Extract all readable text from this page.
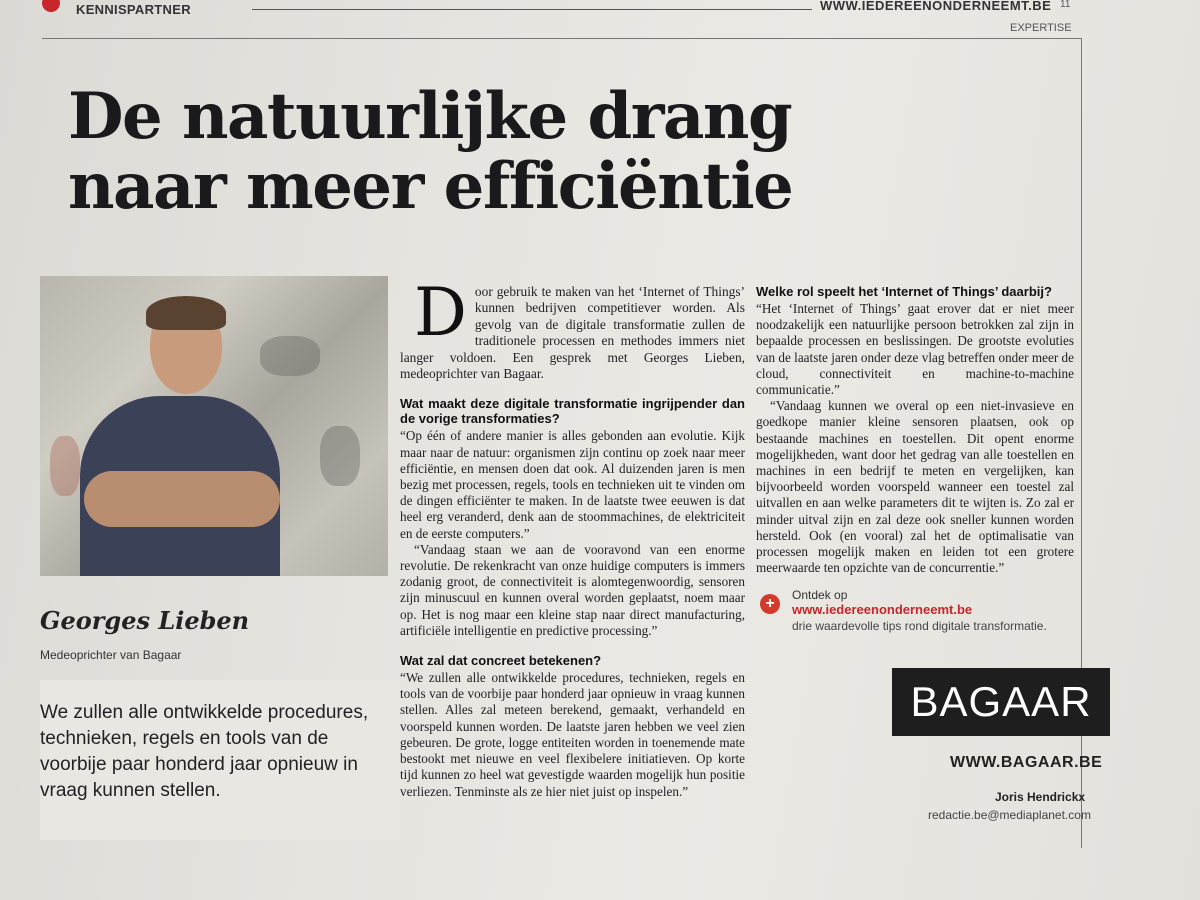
KENNISPARTNER	WWW.IEDEREENONDERNEEMT.BE 11
EXPERTISE
De natuurlijke drang
naar meer efficiëntie
Georges Lieben
Medeoprichter van Bagaar
We zullen alle ontwikkelde procedures, technieken, regels en tools van de voorbije paar honderd jaar opnieuw in vraag kunnen stellen.
D oor gebruik te maken van het ‘Internet of Things’ kunnen bedrijven competitiever worden. Als gevolg van de digitale transformatie zullen de traditionele processen en methodes immers niet langer voldoen. Een gesprek met Georges Lieben, medeoprichter van Bagaar.

Wat maakt deze digitale transformatie ingrijpender dan de vorige transformaties?

“Op één of andere manier is alles gebonden aan evolutie. Kijk maar naar de natuur: organismen zijn continu op zoek naar meer efficiëntie, en mensen doen dat ook. Al duizenden jaren is men bezig met processen, regels, tools en technieken uit te vinden om de dingen efficiënter te maken. In de laatste twee eeuwen is dat heel erg veranderd, denk aan de stoommachines, de elektriciteit en de eerste computers.”

“Vandaag staan we aan de vooravond van een enorme revolutie. De rekenkracht van onze huidige computers is immers zodanig groot, de connectiviteit is alomtegenwoordig, sensoren zijn minuscuul en kunnen overal worden geplaatst, noem maar op. Het is nog maar een kleine stap naar direct manufacturing, artificiële intelligentie en predictive processing.”

Wat zal dat concreet betekenen?

“We zullen alle ontwikkelde procedures, technieken, regels en tools van de voorbije paar honderd jaar opnieuw in vraag kunnen stellen. Alles zal meteen berekend, gemaakt, verhandeld en voorspeld kunnen worden. De laatste jaren hebben we veel zien gebeuren. De grote, logge entiteiten worden in toenemende mate bestookt met nieuwe en veel flexibelere initiatieven. Op korte tijd kunnen zo heel wat gevestigde waarden mogelijk hun positie verliezen. Tenminste als ze hier niet juist op inspelen.”

Welke rol speelt het ‘Internet of Things’ daarbij?

“Het ‘Internet of Things’ gaat erover dat er niet meer noodzakelijk een natuurlijke persoon betrokken zal zijn in bepaalde processen en beslissingen. De grootste evoluties van de laatste jaren onder deze vlag betreffen onder meer de cloud, connectiviteit en machine-to-machine communicatie.”

“Vandaag kunnen we overal op een niet-invasieve en goedkope manier kleine sensoren plaatsen, ook op bestaande machines en toestellen. Dit opent enorme mogelijkheden, want door het gedrag van alle toestellen en machines in een bedrijf te meten en vergelijken, kan bijvoorbeeld worden voorspeld wanneer een toestel zal uitvallen en aan welke parameters dit te wijten is. Zo zal er minder uitval zijn en zal deze ook sneller kunnen worden hersteld. Ook (en vooral) zal het de optimalisatie van processen mogelijk maken en leiden tot een grotere meerwaarde ten opzichte van de concurrentie.”

+	Ontdek op
www.iedereenonderneemt.be
drie waardevolle tips rond digitale transformatie.
BAGAAR
WWW.BAGAAR.BE
Joris Hendrickx
redactie.be@mediaplanet.com
